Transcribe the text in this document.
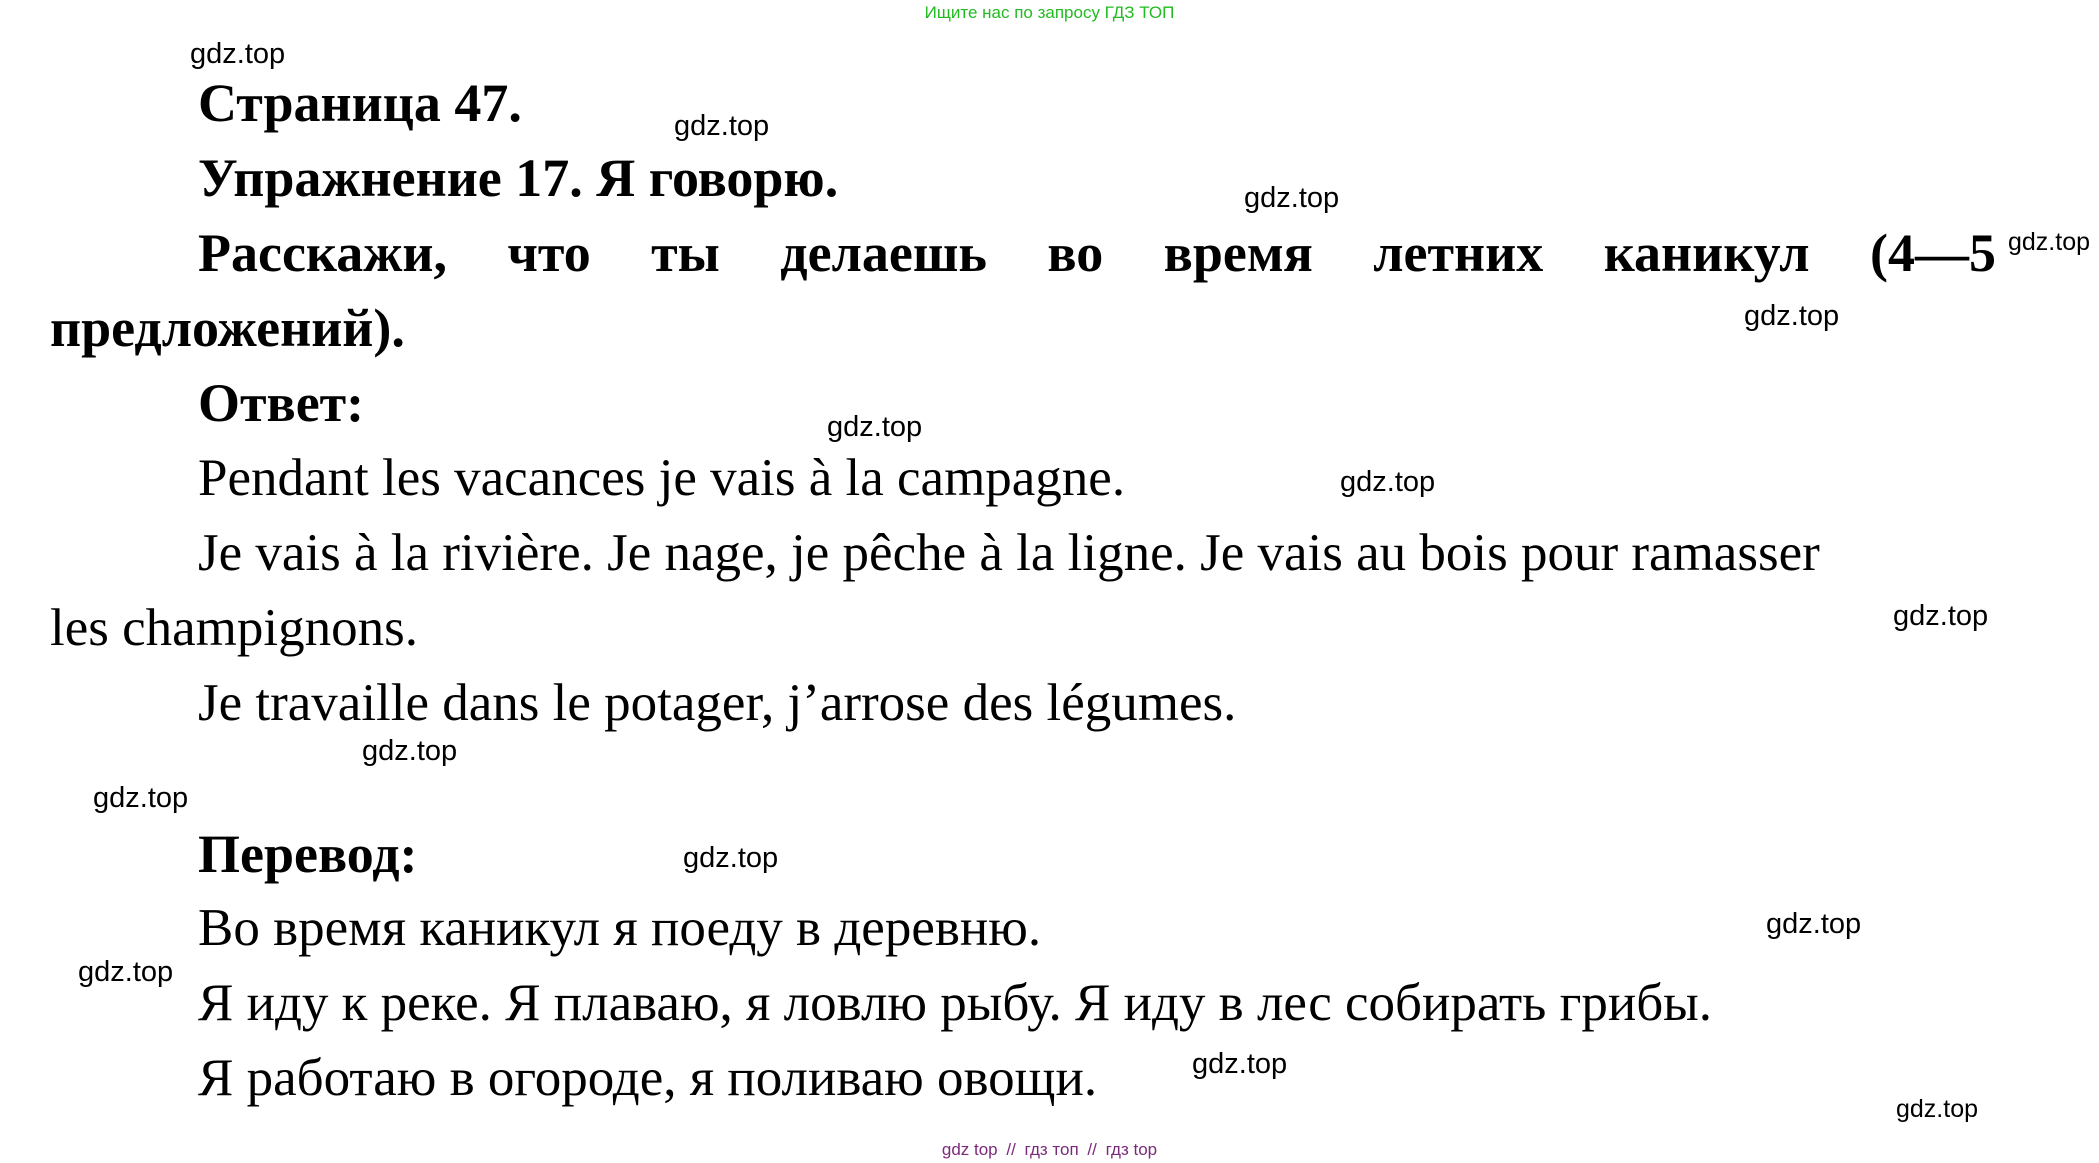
Ищите нас по запросу ГДЗ ТОП
Страница 47.
Упражнение 17. Я говорю.
Расскажи, что ты делаешь во время летних каникул (4—5
предложений).
Ответ:
Pendant les vacances je vais à la campagne.
Je vais à la rivière. Je nage, je pêche à la ligne. Je vais au bois pour ramasser
les champignons.
Je travaille dans le potager, j’arrose des légumes.
Перевод:
Во время каникул я поеду в деревню.
Я иду к реке. Я плаваю, я ловлю рыбу. Я иду в лес собирать грибы.
Я работаю в огороде, я поливаю овощи.
gdz.top
gdz.top
gdz.top
gdz.top
gdz.top
gdz.top
gdz.top
gdz.top
gdz.top
gdz.top
gdz.top
gdz.top
gdz.top
gdz.top
gdz.top
gdz top // гдз топ // гдз top
